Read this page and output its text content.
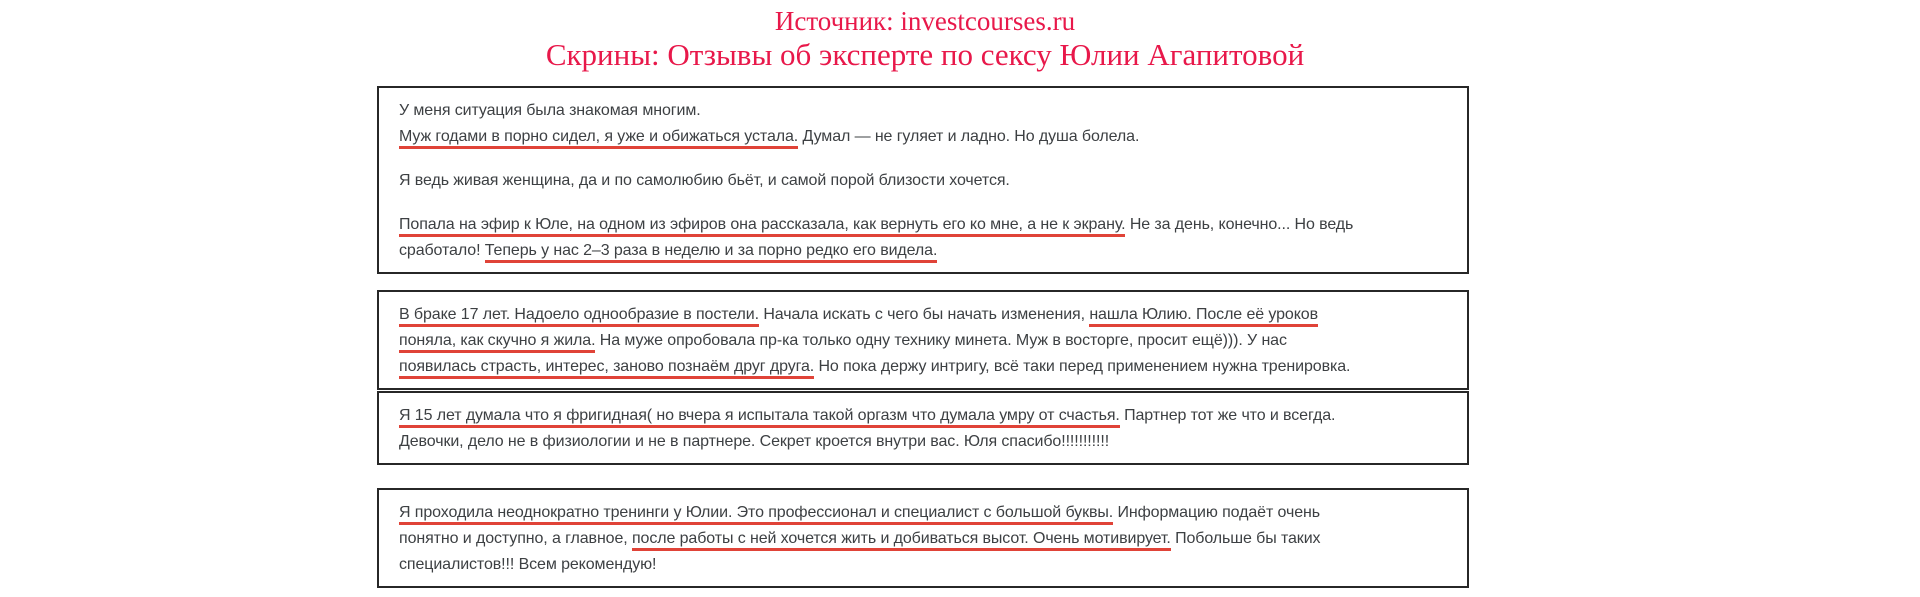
Источник: investcourses.ru
Скрины: Отзывы об эксперте по сексу Юлии Агапитовой
У меня ситуация была знакомая многим.
Муж годами в порно сидел, я уже и обижаться устала. Думал — не гуляет и ладно. Но душа болела.
Я ведь живая женщина, да и по самолюбию бьёт, и самой порой близости хочется.
Попала на эфир к Юле, на одном из эфиров она рассказала, как вернуть его ко мне, а не к экрану. Не за день, конечно... Но ведь
сработало! Теперь у нас 2–3 раза в неделю и за порно редко его видела.
В браке 17 лет. Надоело однообразие в постели. Начала искать с чего бы начать изменения, нашла Юлию. После её уроков
поняла, как скучно я жила. На муже опробовала пр-ка только одну технику минета. Муж в восторге, просит ещё))). У нас
появилась страсть, интерес, заново познаём друг друга. Но пока держу интригу, всё таки перед применением нужна тренировка.
Я 15 лет думала что я фригидная( но вчера я испытала такой оргазм что думала умру от счастья. Партнер тот же что и всегда.
Девочки, дело не в физиологии и не в партнере. Секрет кроется внутри вас. Юля спасибо!!!!!!!!!!!
Я проходила неоднократно тренинги у Юлии. Это профессионал и специалист с большой буквы. Информацию подаёт очень
понятно и доступно, а главное, после работы с ней хочется жить и добиваться высот. Очень мотивирует. Побольше бы таких
специалистов!!! Всем рекомендую!
